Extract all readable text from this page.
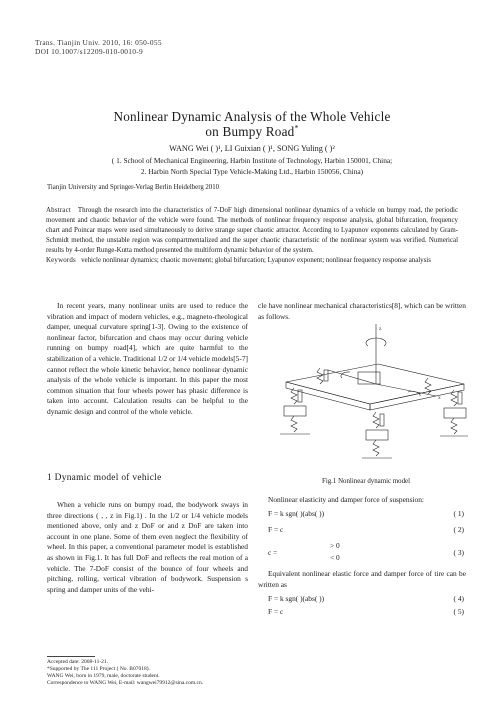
Trans. Tianjin Univ. 2010, 16: 050-055
DOI 10.1007/s12209-010-0010-9
Nonlinear Dynamic Analysis of the Whole Vehicle
on Bumpy Road*
WANG Wei ( )¹, LI Guixian ( )¹, SONG Yuling ( )²
( 1. School of Mechanical Engineering, Harbin Institute of Technology, Harbin 150001, China;
2. Harbin North Special Type Vehicle-Making Ltd., Harbin 150056, China)
Tianjin University and Springer-Verlag Berlin Heidelberg 2010
Abstract Through the research into the characteristics of 7-DoF high dimensional nonlinear dynamics of a vehicle on bumpy road, the periodic movement and chaotic behavior of the vehicle were found. The methods of nonlinear frequency response analysis, global bifurcation, frequency chart and Poincar maps were used simultaneously to derive strange super chaotic attractor. According to Lyapunov exponents calculated by Gram-Schmidt method, the unstable region was compartmentalized and the super chaotic characteristic of the nonlinear system was verified. Numerical results by 4-order Runge-Kutta method presented the multiform dynamic behavior of the system.
Keywords vehicle nonlinear dynamics; chaotic movement; global bifurcation; Lyapunov exponent; nonlinear frequency response analysis

In recent years, many nonlinear units are used to reduce the vibration and impact of modern vehicles, e.g., magneto-rheological damper, unequal curvature spring[1-3]. Owing to the existence of nonlinear factor, bifurcation and chaos may occur during vehicle running on bumpy road[4], which are quite harmful to the stabilization of a vehicle. Traditional 1/2 or 1/4 vehicle models[5-7] cannot reflect the whole kinetic behavior, hence nonlinear dynamic analysis of the whole vehicle is important. In this paper the most common situation that four wheels power has phasic difference is taken into account. Calculation results can be helpful to the dynamic design and control of the whole vehicle.

1 Dynamic model of vehicle

When a vehicle runs on bumpy road, the bodywork sways in three directions ( , , z in Fig.1) . In the 1/2 or 1/4 vehicle models mentioned above, only and z DoF or and z DoF are taken into account in one plane. Some of them even neglect the flexibility of wheel. In this paper, a conventional parameter model is established as shown in Fig.1. It has full DoF and reflects the real motion of a vehicle. The 7-DoF consist of the bounce of four wheels and pitching, rolling, vertical vibration of bodywork. Suspension s spring and damper units of the vehi-

cle have nonlinear mechanical characteristics[8], which can be written as follows.

z
x
Fig.1 Nonlinear dynamic model

Nonlinear elasticity and damper force of suspension:

F = k sgn( )(abs( ))	( 1)
F = c	( 2)
c =
> 0
< 0
( 3)

Equivalent nonlinear elastic force and damper force of tire can be written as

F = k sgn( )(abs( ))	( 4)
F = c	( 5)
Accepted date: 2008-11-21.
*Supported by The 111 Project ( No. B07018).
WANG Wei, born in 1979, male, doctorate student.
Correspondence to WANG Wei, E-mail: wangwei79912@sina.com.cn.
